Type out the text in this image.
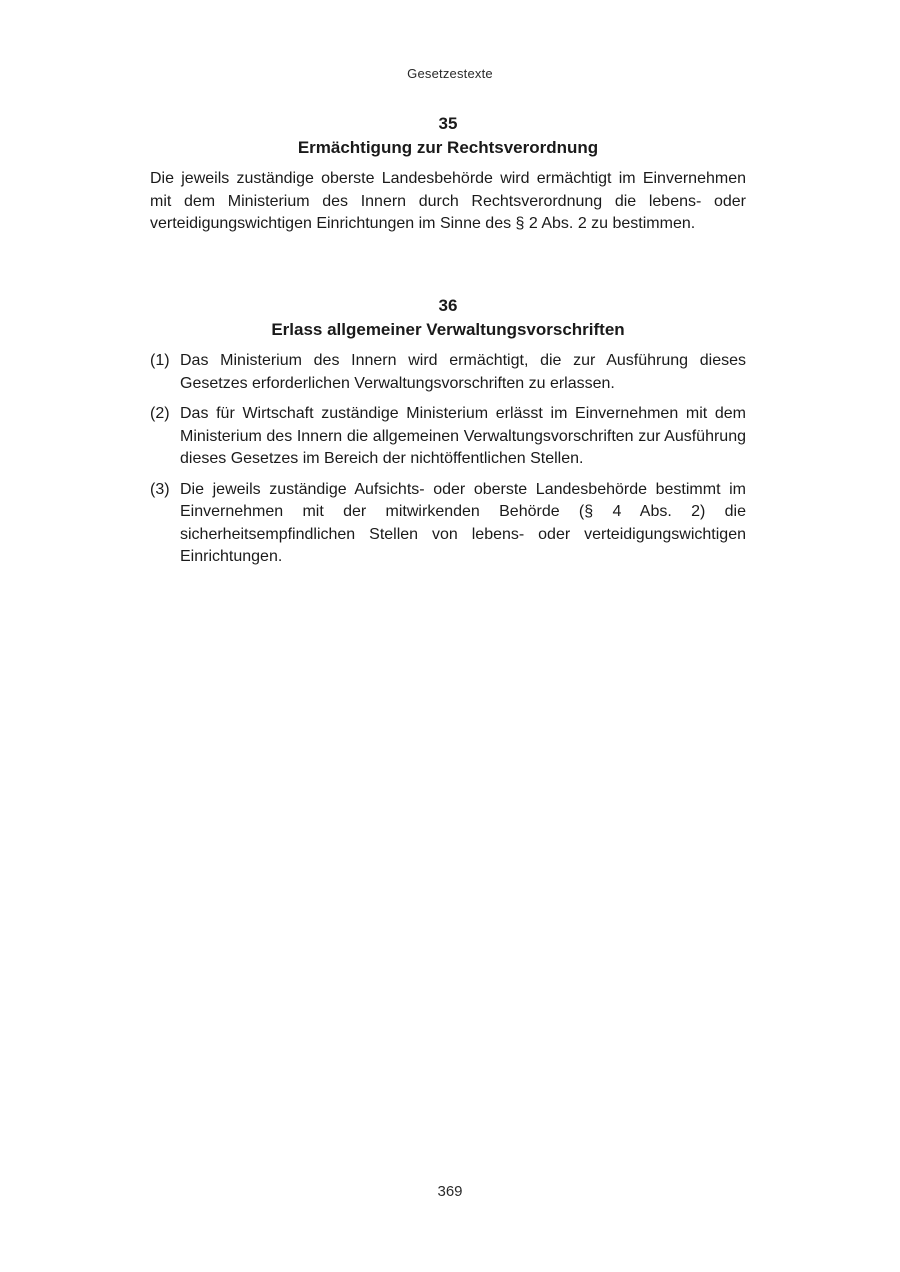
Gesetzestexte
35
Ermächtigung zur Rechtsverordnung
Die jeweils zuständige oberste Landesbehörde wird ermächtigt im Einvernehmen mit dem Ministerium des Innern durch Rechtsverordnung die lebens- oder verteidigungswichtigen Einrichtungen im Sinne des § 2 Abs. 2 zu bestimmen.
36
Erlass allgemeiner Verwaltungsvorschriften
(1) Das Ministerium des Innern wird ermächtigt, die zur Ausführung dieses Gesetzes erforderlichen Verwaltungsvorschriften zu erlassen.
(2) Das für Wirtschaft zuständige Ministerium erlässt im Einvernehmen mit dem Ministerium des Innern die allgemeinen Verwaltungsvorschriften zur Ausführung dieses Gesetzes im Bereich der nichtöffentlichen Stellen.
(3) Die jeweils zuständige Aufsichts- oder oberste Landesbehörde bestimmt im Einvernehmen mit der mitwirkenden Behörde (§ 4 Abs. 2) die sicherheitsempfindlichen Stellen von lebens- oder verteidigungswichtigen Einrichtungen.
369
